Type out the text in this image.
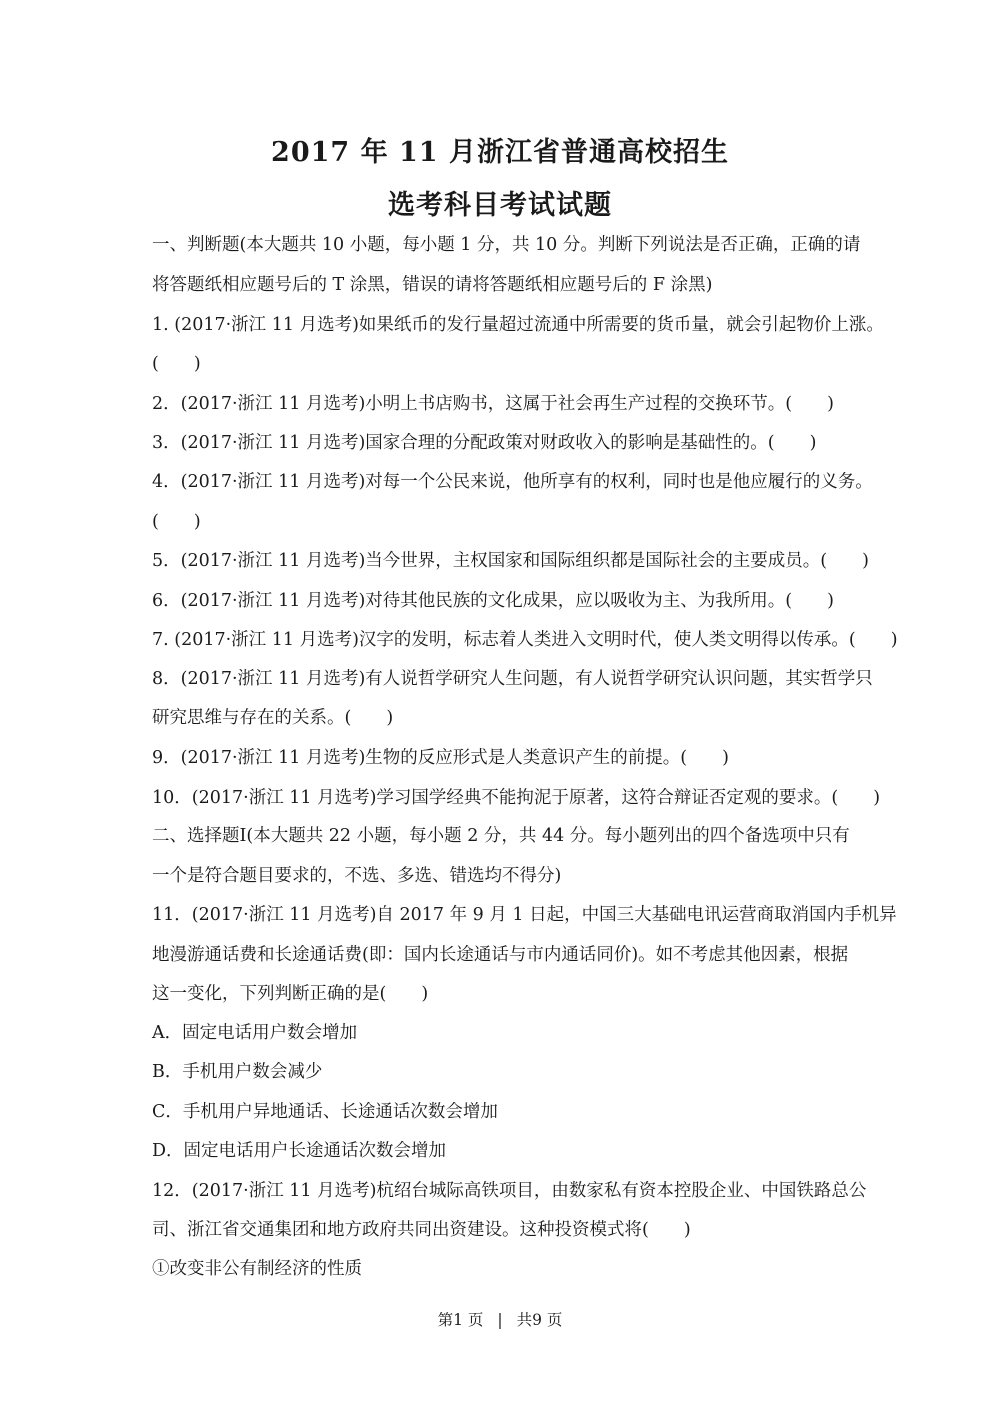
2017 年 11 月浙江省普通高校招生
选考科目考试试题
一、判断题(本大题共 10 小题，每小题 1 分，共 10 分。判断下列说法是否正确，正确的请
将答题纸相应题号后的 T 涂黑，错误的请将答题纸相应题号后的 F 涂黑)
1. (2017·浙江 11 月选考)如果纸币的发行量超过流通中所需要的货币量，就会引起物价上涨。
(　　)
2．(2017·浙江 11 月选考)小明上书店购书，这属于社会再生产过程的交换环节。(　　)
3．(2017·浙江 11 月选考)国家合理的分配政策对财政收入的影响是基础性的。(　　)
4．(2017·浙江 11 月选考)对每一个公民来说，他所享有的权利，同时也是他应履行的义务。
(　　)
5．(2017·浙江 11 月选考)当今世界，主权国家和国际组织都是国际社会的主要成员。(　　)
6．(2017·浙江 11 月选考)对待其他民族的文化成果，应以吸收为主、为我所用。(　　)
7. (2017·浙江 11 月选考)汉字的发明，标志着人类进入文明时代，使人类文明得以传承。(　　)
8．(2017·浙江 11 月选考)有人说哲学研究人生问题，有人说哲学研究认识问题，其实哲学只
研究思维与存在的关系。(　　)
9．(2017·浙江 11 月选考)生物的反应形式是人类意识产生的前提。(　　)
10．(2017·浙江 11 月选考)学习国学经典不能拘泥于原著，这符合辩证否定观的要求。(　　)
二、选择题Ⅰ(本大题共 22 小题，每小题 2 分，共 44 分。每小题列出的四个备选项中只有
一个是符合题目要求的，不选、多选、错选均不得分)
11．(2017·浙江 11 月选考)自 2017 年 9 月 1 日起，中国三大基础电讯运营商取消国内手机异
地漫游通话费和长途通话费(即：国内长途通话与市内通话同价)。如不考虑其他因素，根据
这一变化，下列判断正确的是(　　)
A．固定电话用户数会增加
B．手机用户数会减少
C．手机用户异地通话、长途通话次数会增加
D．固定电话用户长途通话次数会增加
12．(2017·浙江 11 月选考)杭绍台城际高铁项目，由数家私有资本控股企业、中国铁路总公
司、浙江省交通集团和地方政府共同出资建设。这种投资模式将(　　)
①改变非公有制经济的性质
第1 页 | 共9 页
